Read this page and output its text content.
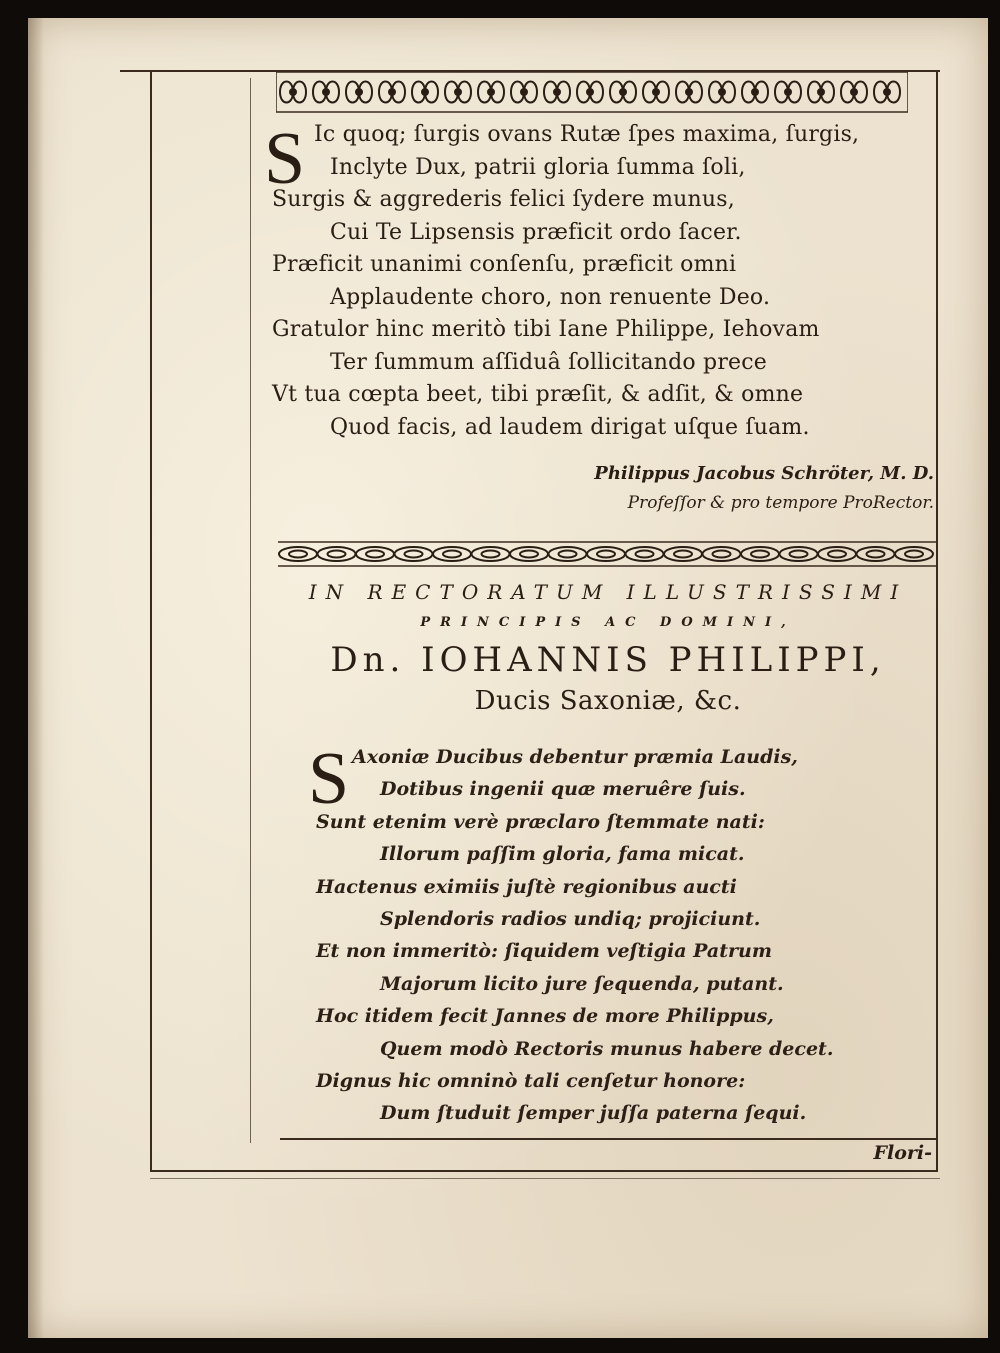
S Ic quoq; ſurgis ovans Rutæ ſpes maxima, ſurgis,
Inclyte Dux, patrii gloria ſumma ſoli,
Surgis & aggrederis felici ſydere munus,
Cui Te Lipsensis præficit ordo ſacer.
Præficit unanimi conſenſu, præficit omni
Applaudente choro, non renuente Deo.
Gratulor hinc meritò tibi Iane Philippe, Iehovam
Ter ſummum aſſiduâ ſollicitando prece
Vt tua cœpta beet, tibi præſit, & adſit, & omne
Quod facis, ad laudem dirigat uſque ſuam.
Philippus Jacobus Schröter, M. D.
Profeſſor & pro tempore ProRector.
IN RECTORATUM ILLUSTRISSIMI
PRINCIPIS AC DOMINI,
Dn. IOHANNIS PHILIPPI,
Ducis Saxoniæ, &c.
S Axoniæ Ducibus debentur præmia Laudis,
Dotibus ingenii quæ meruêre ſuis.
Sunt etenim verè præclaro ſtemmate nati:
Illorum paſſim gloria, fama micat.
Hactenus eximiis juſtè regionibus aucti
Splendoris radios undiq; projiciunt.
Et non immeritò: ſiquidem veſtigia Patrum
Majorum licito jure ſequenda, putant.
Hoc itidem fecit Jannes de more Philippus,
Quem modò Rectoris munus habere decet.
Dignus hic omninò tali cenſetur honore:
Dum ſtuduit ſemper juſſa paterna ſequi.
Flori-
